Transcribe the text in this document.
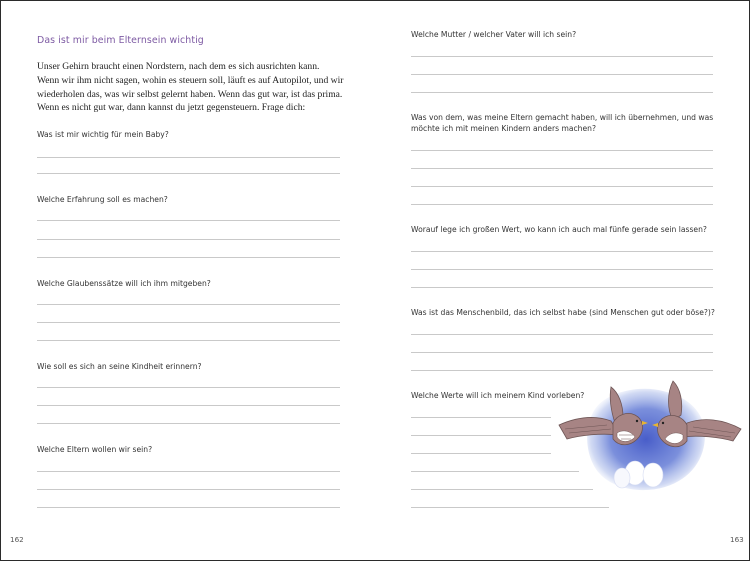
Das ist mir beim Elternsein wichtig
Unser Gehirn braucht einen Nordstern, nach dem es sich ausrichten kann.
Wenn wir ihm nicht sagen, wohin es steuern soll, läuft es auf Autopilot, und wir
wiederholen das, was wir selbst gelernt haben. Wenn das gut war, ist das prima.
Wenn es nicht gut war, dann kannst du jetzt gegensteuern. Frage dich:
Was ist mir wichtig für mein Baby?
Welche Erfahrung soll es machen?
Welche Glaubenssätze will ich ihm mitgeben?
Wie soll es sich an seine Kindheit erinnern?
Welche Eltern wollen wir sein?
162
Welche Mutter / welcher Vater will ich sein?
Was von dem, was meine Eltern gemacht haben, will ich übernehmen, und was
möchte ich mit meinen Kindern anders machen?
Worauf lege ich großen Wert, wo kann ich auch mal fünfe gerade sein lassen?
Was ist das Menschenbild, das ich selbst habe (sind Menschen gut oder böse?)?
Welche Werte will ich meinem Kind vorleben?
163
